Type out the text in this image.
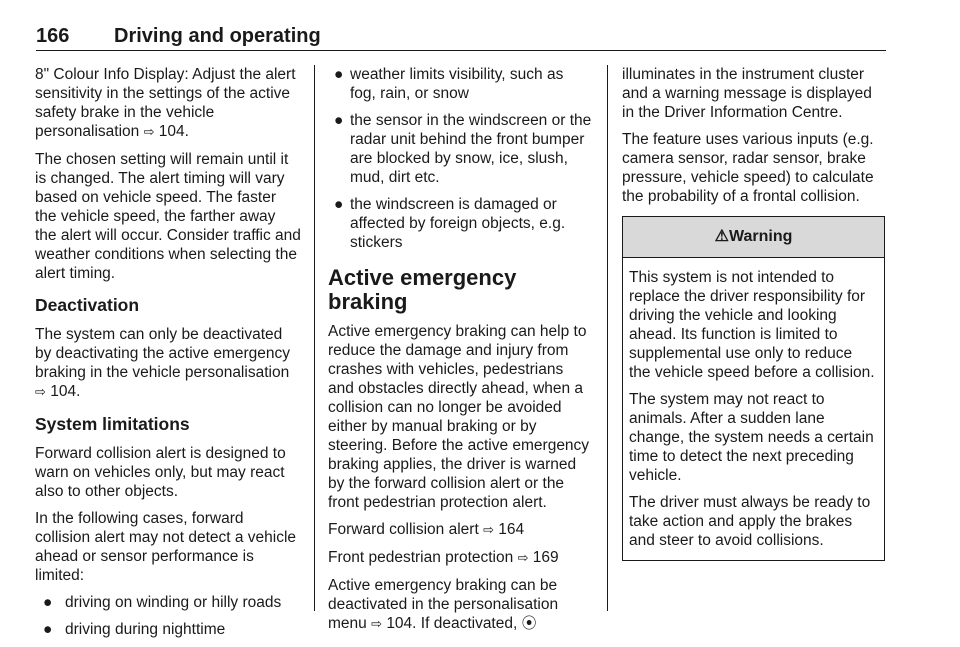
166 Driving and operating

8" Colour Info Display: Adjust the alert sensitivity in the settings of the active safety brake in the vehicle personalisation ⇨ 104.

The chosen setting will remain until it is changed. The alert timing will vary based on vehicle speed. The faster the vehicle speed, the farther away the alert will occur. Consider traffic and weather conditions when selecting the alert timing.

Deactivation

The system can only be deactivated by deactivating the active emergency braking in the vehicle personalisation ⇨ 104.

System limitations

Forward collision alert is designed to warn on vehicles only, but may react also to other objects.

In the following cases, forward collision alert may not detect a vehicle ahead or sensor performance is limited:

● driving on winding or hilly roads
● driving during nighttime
● weather limits visibility, such as fog, rain, or snow
● the sensor in the windscreen or the radar unit behind the front bumper are blocked by snow, ice, slush, mud, dirt etc.
● the windscreen is damaged or affected by foreign objects, e.g. stickers
Active emergency braking

Active emergency braking can help to reduce the damage and injury from crashes with vehicles, pedestrians and obstacles directly ahead, when a collision can no longer be avoided either by manual braking or by steering. Before the active emergency braking applies, the driver is warned by the forward collision alert or the front pedestrian protection alert.

Forward collision alert ⇨ 164

Front pedestrian protection ⇨ 169

Active emergency braking can be deactivated in the personalisation menu ⇨ 104. If deactivated, ⦿

illuminates in the instrument cluster and a warning message is displayed in the Driver Information Centre.

The feature uses various inputs (e.g. camera sensor, radar sensor, brake pressure, vehicle speed) to calculate the probability of a frontal collision.

⚠Warning

This system is not intended to replace the driver responsibility for driving the vehicle and looking ahead. Its function is limited to supplemental use only to reduce the vehicle speed before a collision.

The system may not react to animals. After a sudden lane change, the system needs a certain time to detect the next preceding vehicle.

The driver must always be ready to take action and apply the brakes and steer to avoid collisions.
